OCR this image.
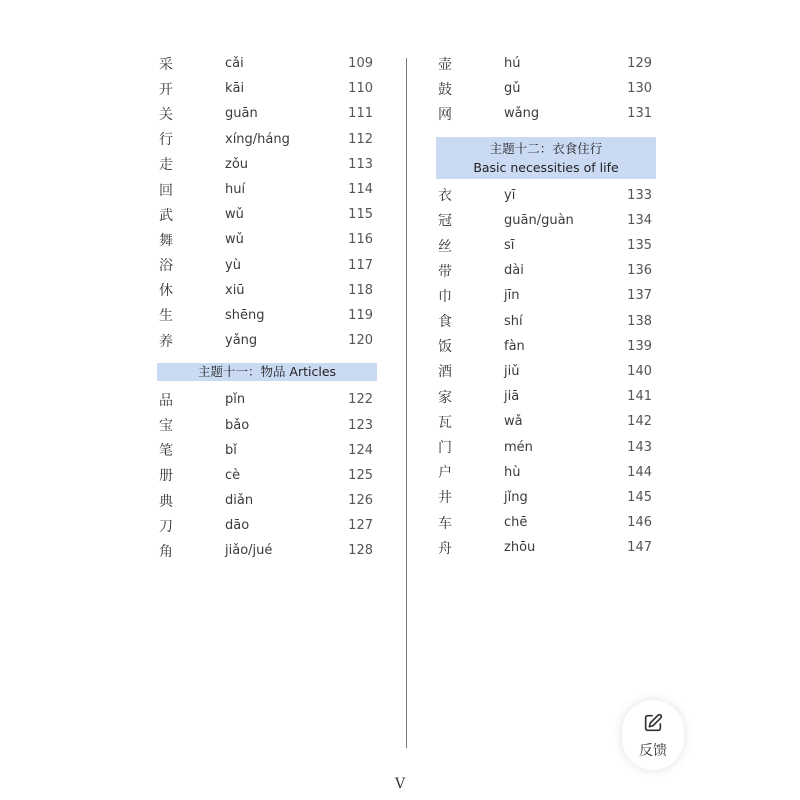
采	cǎi	109
开	kāi	110
关	guān	111
行	xíng/háng	112
走	zǒu	113
回	huí	114
武	wǔ	115
舞	wǔ	116
浴	yù	117
休	xiū	118
生	shēng	119
养	yǎng	120
主题十一：物品 Articles
品	pǐn	122
宝	bǎo	123
笔	bǐ	124
册	cè	125
典	diǎn	126
刀	dāo	127
角	jiǎo/jué	128
壶	hú	129
鼓	gǔ	130
网	wǎng	131
主题十二：衣食住行
Basic necessities of life
衣	yī	133
冠	guān/guàn	134
丝	sī	135
带	dài	136
巾	jīn	137
食	shí	138
饭	fàn	139
酒	jiǔ	140
家	jiā	141
瓦	wǎ	142
门	mén	143
户	hù	144
井	jǐng	145
车	chē	146
舟	zhōu	147
V
反馈
